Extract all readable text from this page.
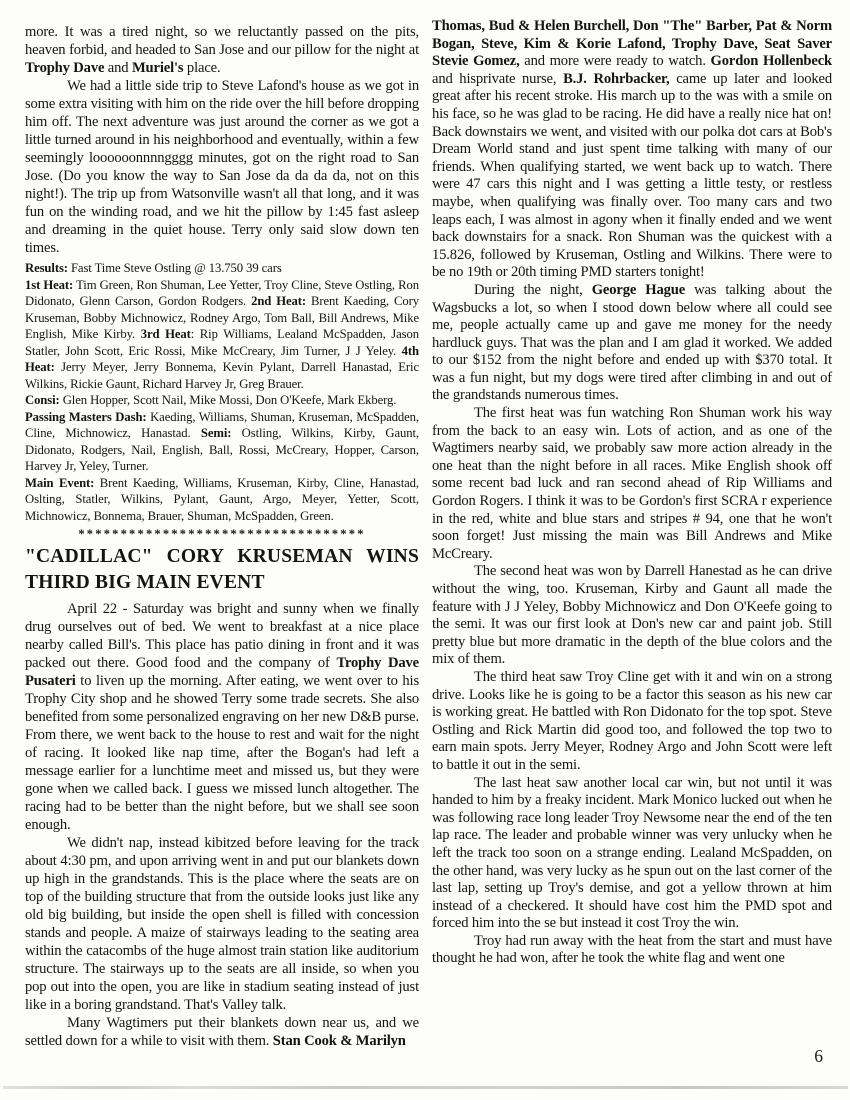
more. It was a tired night, so we reluctantly passed on the pits, heaven forbid, and headed to San Jose and our pillow for the night at Trophy Dave and Muriel's place.

We had a little side trip to Steve Lafond's house as we got in some extra visiting with him on the ride over the hill before dropping him off. The next adventure was just around the corner as we got a little turned around in his neighborhood and eventually, within a few seemingly loooooonnnngggg minutes, got on the right road to San Jose. (Do you know the way to San Jose da da da da, not on this night!). The trip up from Watsonville wasn't all that long, and it was fun on the winding road, and we hit the pillow by 1:45 fast asleep and dreaming in the quiet house. Terry only said slow down ten times.

Results: Fast Time Steve Ostling @ 13.750 39 cars

1st Heat: Tim Green, Ron Shuman, Lee Yetter, Troy Cline, Steve Ostling, Ron Didonato, Glenn Carson, Gordon Rodgers. 2nd Heat: Brent Kaeding, Cory Kruseman, Bobby Michnowicz, Rodney Argo, Tom Ball, Bill Andrews, Mike English, Mike Kirby. 3rd Heat: Rip Williams, Lealand McSpadden, Jason Statler, John Scott, Eric Rossi, Mike McCreary, Jim Turner, J J Yeley. 4th Heat: Jerry Meyer, Jerry Bonnema, Kevin Pylant, Darrell Hanastad, Eric Wilkins, Rickie Gaunt, Richard Harvey Jr, Greg Brauer.

Consi: Glen Hopper, Scott Nail, Mike Mossi, Don O'Keefe, Mark Ekberg.

Passing Masters Dash: Kaeding, Williams, Shuman, Kruseman, McSpadden, Cline, Michnowicz, Hanastad. Semi: Ostling, Wilkins, Kirby, Gaunt, Didonato, Rodgers, Nail, English, Ball, Rossi, McCreary, Hopper, Carson, Harvey Jr, Yeley, Turner.

Main Event: Brent Kaeding, Williams, Kruseman, Kirby, Cline, Hanastad, Oslting, Statler, Wilkins, Pylant, Gaunt, Argo, Meyer, Yetter, Scott, Michnowicz, Bonnema, Brauer, Shuman, McSpadden, Green.

**********************************
"CADILLAC" CORY KRUSEMAN WINS
THIRD BIG MAIN EVENT

April 22 - Saturday was bright and sunny when we finally drug ourselves out of bed. We went to breakfast at a nice place nearby called Bill's. This place has patio dining in front and it was packed out there. Good food and the company of Trophy Dave Pusateri to liven up the morning. After eating, we went over to his Trophy City shop and he showed Terry some trade secrets. She also benefited from some personalized engraving on her new D&B purse. From there, we went back to the house to rest and wait for the night of racing. It looked like nap time, after the Bogan's had left a message earlier for a lunchtime meet and missed us, but they were gone when we called back. I guess we missed lunch altogether. The racing had to be better than the night before, but we shall see soon enough.

We didn't nap, instead kibitzed before leaving for the track about 4:30 pm, and upon arriving went in and put our blankets down up high in the grandstands. This is the place where the seats are on top of the building structure that from the outside looks just like any old big building, but inside the open shell is filled with concession stands and people. A maize of stairways leading to the seating area within the catacombs of the huge almost train station like auditorium structure. The stairways up to the seats are all inside, so when you pop out into the open, you are like in stadium seating instead of just like in a boring grandstand. That's Valley talk.

Many Wagtimers put their blankets down near us, and we settled down for a while to visit with them. Stan Cook & Marilyn

Thomas, Bud & Helen Burchell, Don "The" Barber, Pat & Norm Bogan, Steve, Kim & Korie Lafond, Trophy Dave, Seat Saver Stevie Gomez, and more were ready to watch. Gordon Hollenbeck and hisprivate nurse, B.J. Rohrbacker, came up later and looked great after his recent stroke. His march up to the was with a smile on his face, so he was glad to be racing. He did have a really nice hat on! Back downstairs we went, and visited with our polka dot cars at Bob's Dream World stand and just spent time talking with many of our friends. When qualifying started, we went back up to watch. There were 47 cars this night and I was getting a little testy, or restless maybe, when qualifying was finally over. Too many cars and two leaps each, I was almost in agony when it finally ended and we went back downstairs for a snack. Ron Shuman was the quickest with a 15.826, followed by Kruseman, Ostling and Wilkins. There were to be no 19th or 20th timing PMD starters tonight!

During the night, George Hague was talking about the Wagsbucks a lot, so when I stood down below where all could see me, people actually came up and gave me money for the needy hardluck guys. That was the plan and I am glad it worked. We added to our $152 from the night before and ended up with $370 total. It was a fun night, but my dogs were tired after climbing in and out of the grandstands numerous times.

The first heat was fun watching Ron Shuman work his way from the back to an easy win. Lots of action, and as one of the Wagtimers nearby said, we probably saw more action already in the one heat than the night before in all races. Mike English shook off some recent bad luck and ran second ahead of Rip Williams and Gordon Rogers. I think it was to be Gordon's first SCRA r experience in the red, white and blue stars and stripes # 94, one that he won't soon forget! Just missing the main was Bill Andrews and Mike McCreary.

The second heat was won by Darrell Hanestad as he can drive without the wing, too. Kruseman, Kirby and Gaunt all made the feature with J J Yeley, Bobby Michnowicz and Don O'Keefe going to the semi. It was our first look at Don's new car and paint job. Still pretty blue but more dramatic in the depth of the blue colors and the mix of them.

The third heat saw Troy Cline get with it and win on a strong drive. Looks like he is going to be a factor this season as his new car is working great. He battled with Ron Didonato for the top spot. Steve Ostling and Rick Martin did good too, and followed the top two to earn main spots. Jerry Meyer, Rodney Argo and John Scott were left to battle it out in the semi.

The last heat saw another local car win, but not until it was handed to him by a freaky incident. Mark Monico lucked out when he was following race long leader Troy Newsome near the end of the ten lap race. The leader and probable winner was very unlucky when he left the track too soon on a strange ending. Lealand McSpadden, on the other hand, was very lucky as he spun out on the last corner of the last lap, setting up Troy's demise, and got a yellow thrown at him instead of a checkered. It should have cost him the PMD spot and forced him into the se but instead it cost Troy the win.

Troy had run away with the heat from the start and must have thought he had won, after he took the white flag and went one

6
